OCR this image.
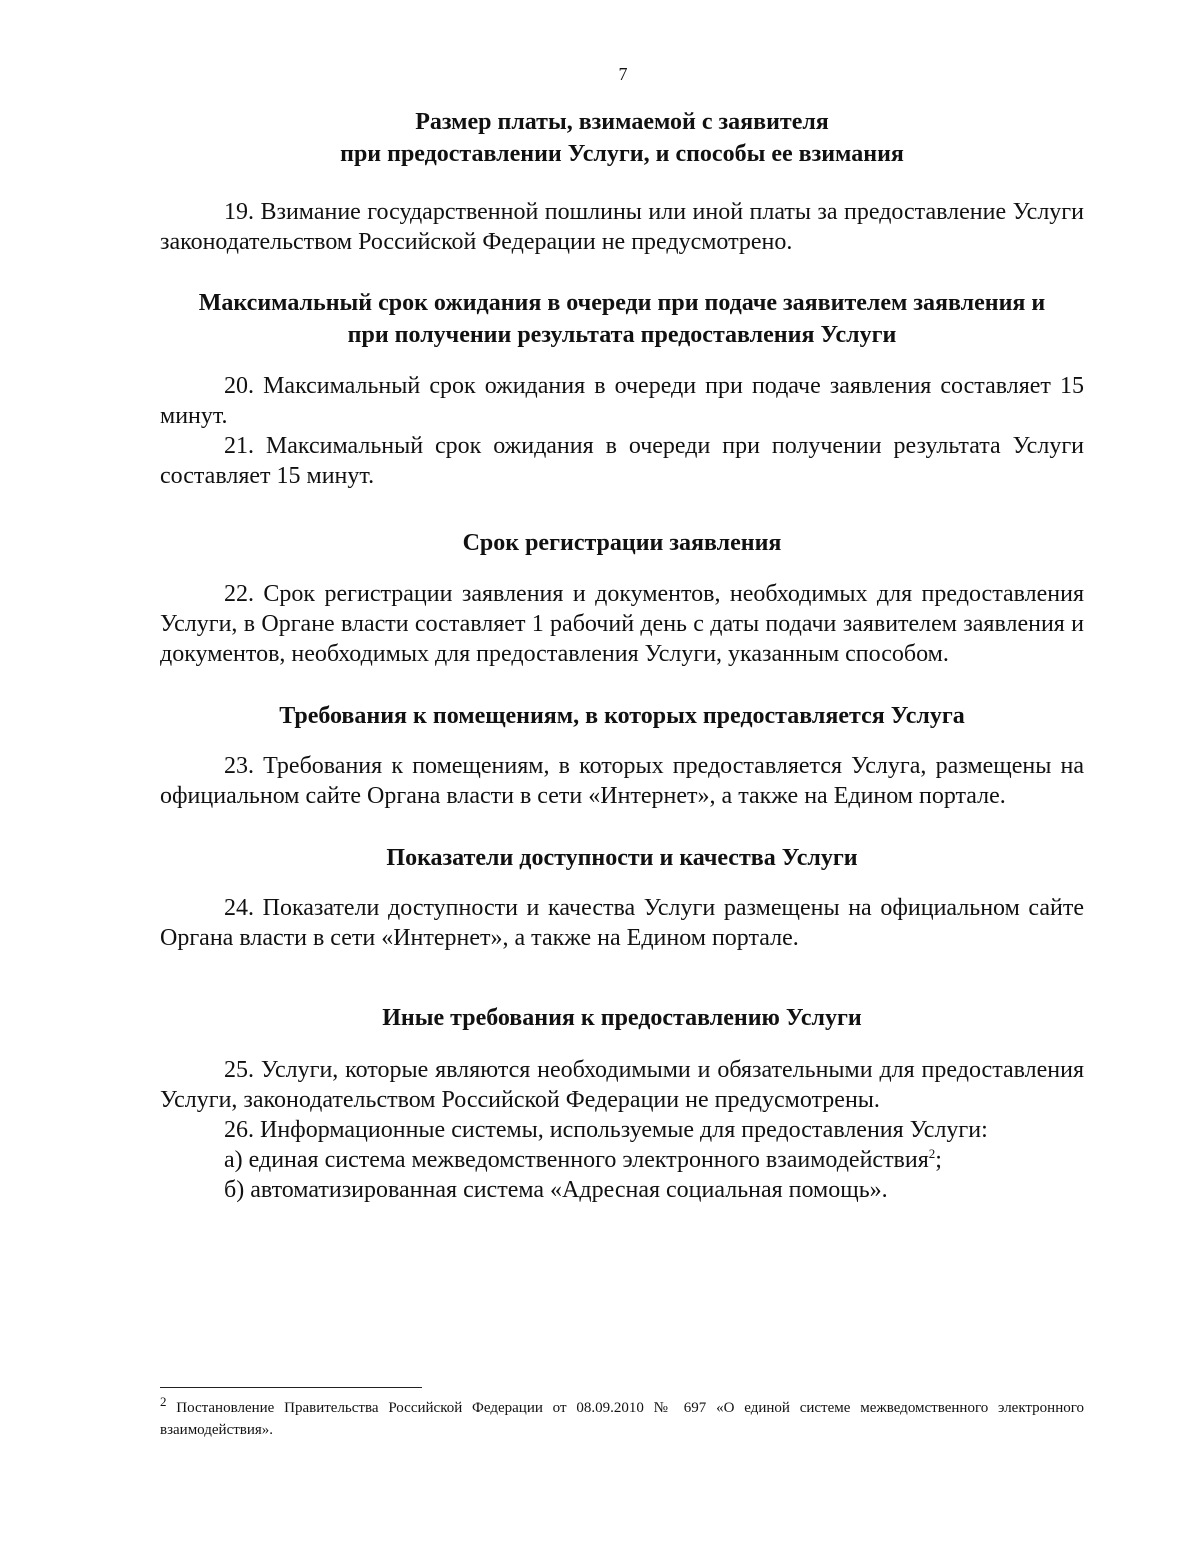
7
Размер платы, взимаемой с заявителя
при предоставлении Услуги, и способы ее взимания

19. Взимание государственной пошлины или иной платы за предоставление Услуги законодательством Российской Федерации не предусмотрено.

Максимальный срок ожидания в очереди при подаче заявителем заявления и
при получении результата предоставления Услуги

20. Максимальный срок ожидания в очереди при подаче заявления составляет 15 минут.

21. Максимальный срок ожидания в очереди при получении результата Услуги составляет 15 минут.

Срок регистрации заявления

22. Срок регистрации заявления и документов, необходимых для предоставления Услуги, в Органе власти составляет 1 рабочий день с даты подачи заявителем заявления и документов, необходимых для предоставления Услуги, указанным способом.

Требования к помещениям, в которых предоставляется Услуга

23. Требования к помещениям, в которых предоставляется Услуга, размещены на официальном сайте Органа власти в сети «Интернет», а также на Едином портале.

Показатели доступности и качества Услуги

24. Показатели доступности и качества Услуги размещены на официальном сайте Органа власти в сети «Интернет», а также на Едином портале.

Иные требования к предоставлению Услуги

25. Услуги, которые являются необходимыми и обязательными для предоставления Услуги, законодательством Российской Федерации не предусмотрены.

26. Информационные системы, используемые для предоставления Услуги:

а) единая система межведомственного электронного взаимодействия$^2$;

б) автоматизированная система «Адресная социальная помощь».

$^2$ Постановление Правительства Российской Федерации от 08.09.2010 № 697 «О единой системе межведомственного электронного взаимодействия».
